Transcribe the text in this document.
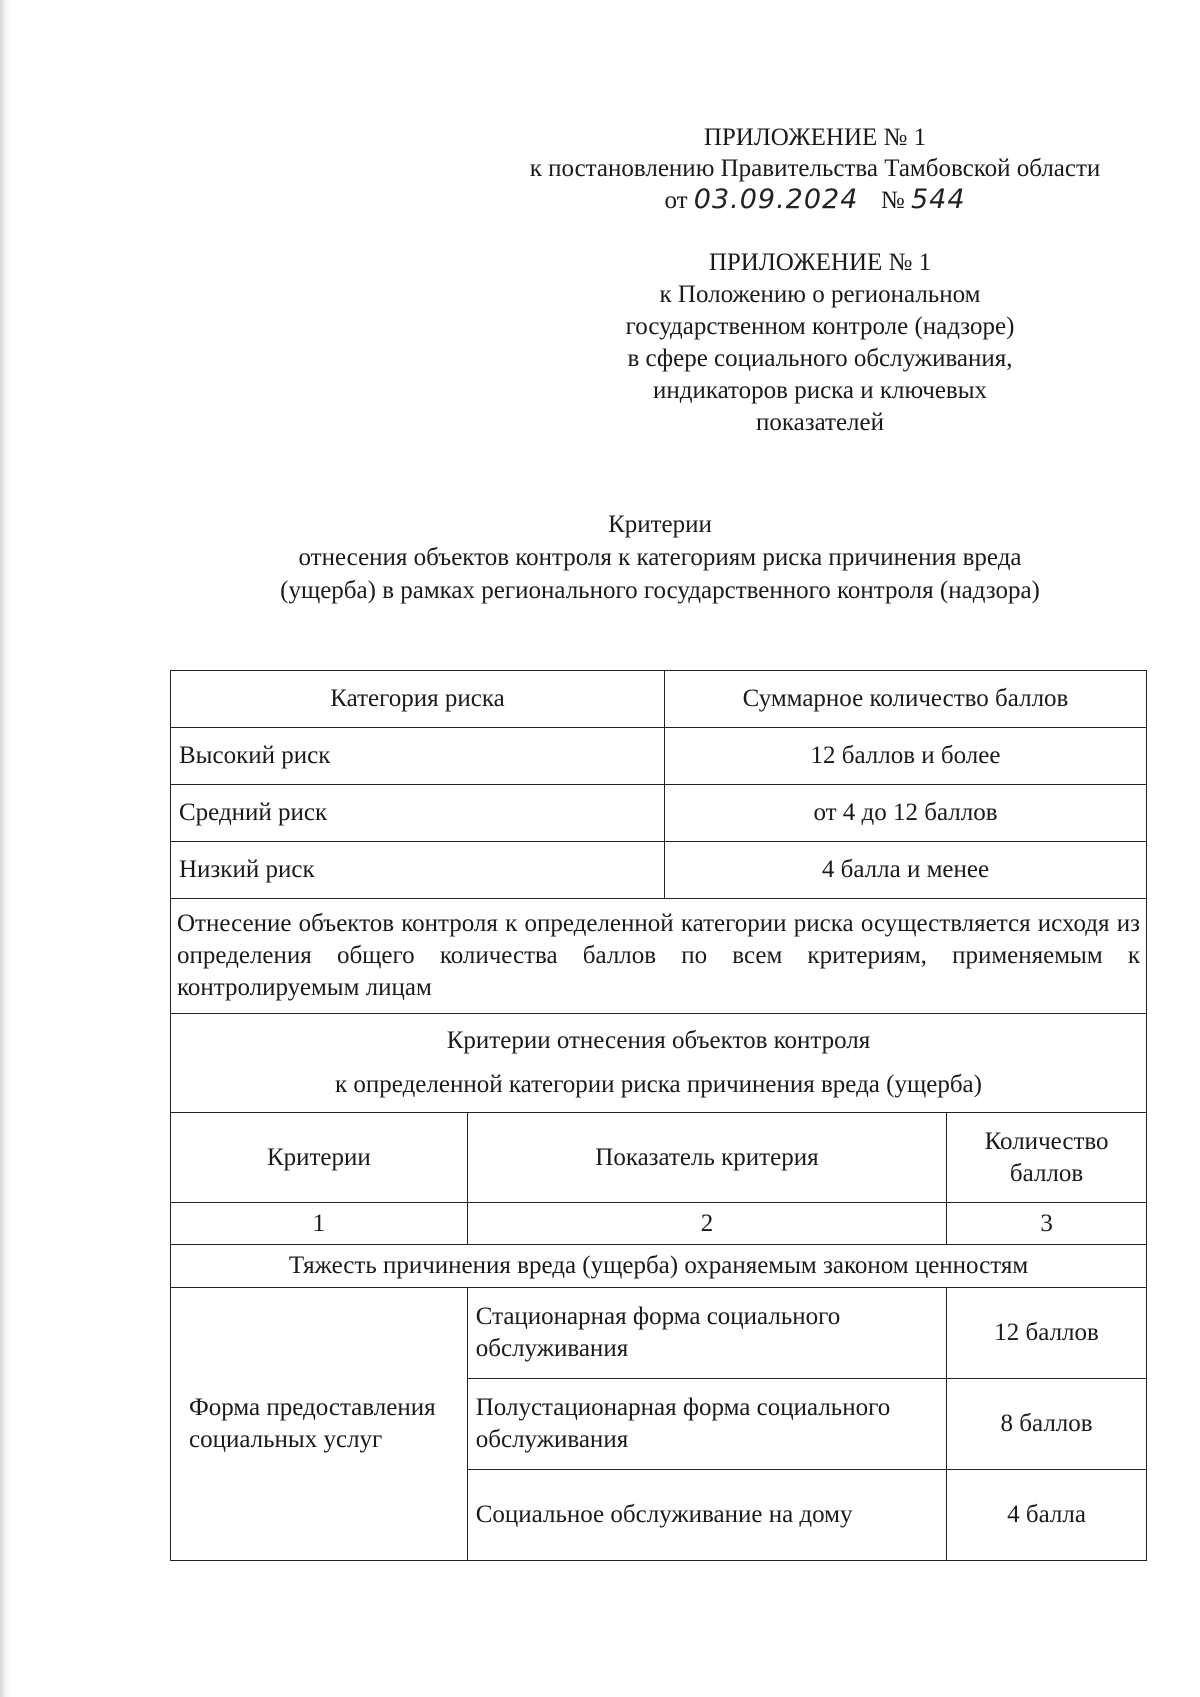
ПРИЛОЖЕНИЕ № 1
к постановлению Правительства Тамбовской области
от 03.09.2024 № 544
ПРИЛОЖЕНИЕ № 1
к Положению о региональном
государственном контроле (надзоре)
в сфере социального обслуживания,
индикаторов риска и ключевых
показателей
Критерии
отнесения объектов контроля к категориям риска причинения вреда
(ущерба) в рамках регионального государственного контроля (надзора)
Категория риска	Суммарное количество баллов
Высокий риск	12 баллов и более
Средний риск	от 4 до 12 баллов
Низкий риск	4 балла и менее
Отнесение объектов контроля к определенной категории риска осуществляется исходя из определения общего количества баллов по всем критериям, применяемым к контролируемым лицам	

Критерии отнесения объектов контроля
к определенной категории риска причинения вреда (ущерба)	
Критерии	Показатель критерия	Количество баллов
1	2	3
Тяжесть причинения вреда (ущерба) охраняемым законом ценностям		
Форма предоставления социальных услуг	Стационарная форма социального обслуживания	12 баллов
	Полустационарная форма социального обслуживания	8 баллов
	Социальное обслуживание на дому	4 балла
